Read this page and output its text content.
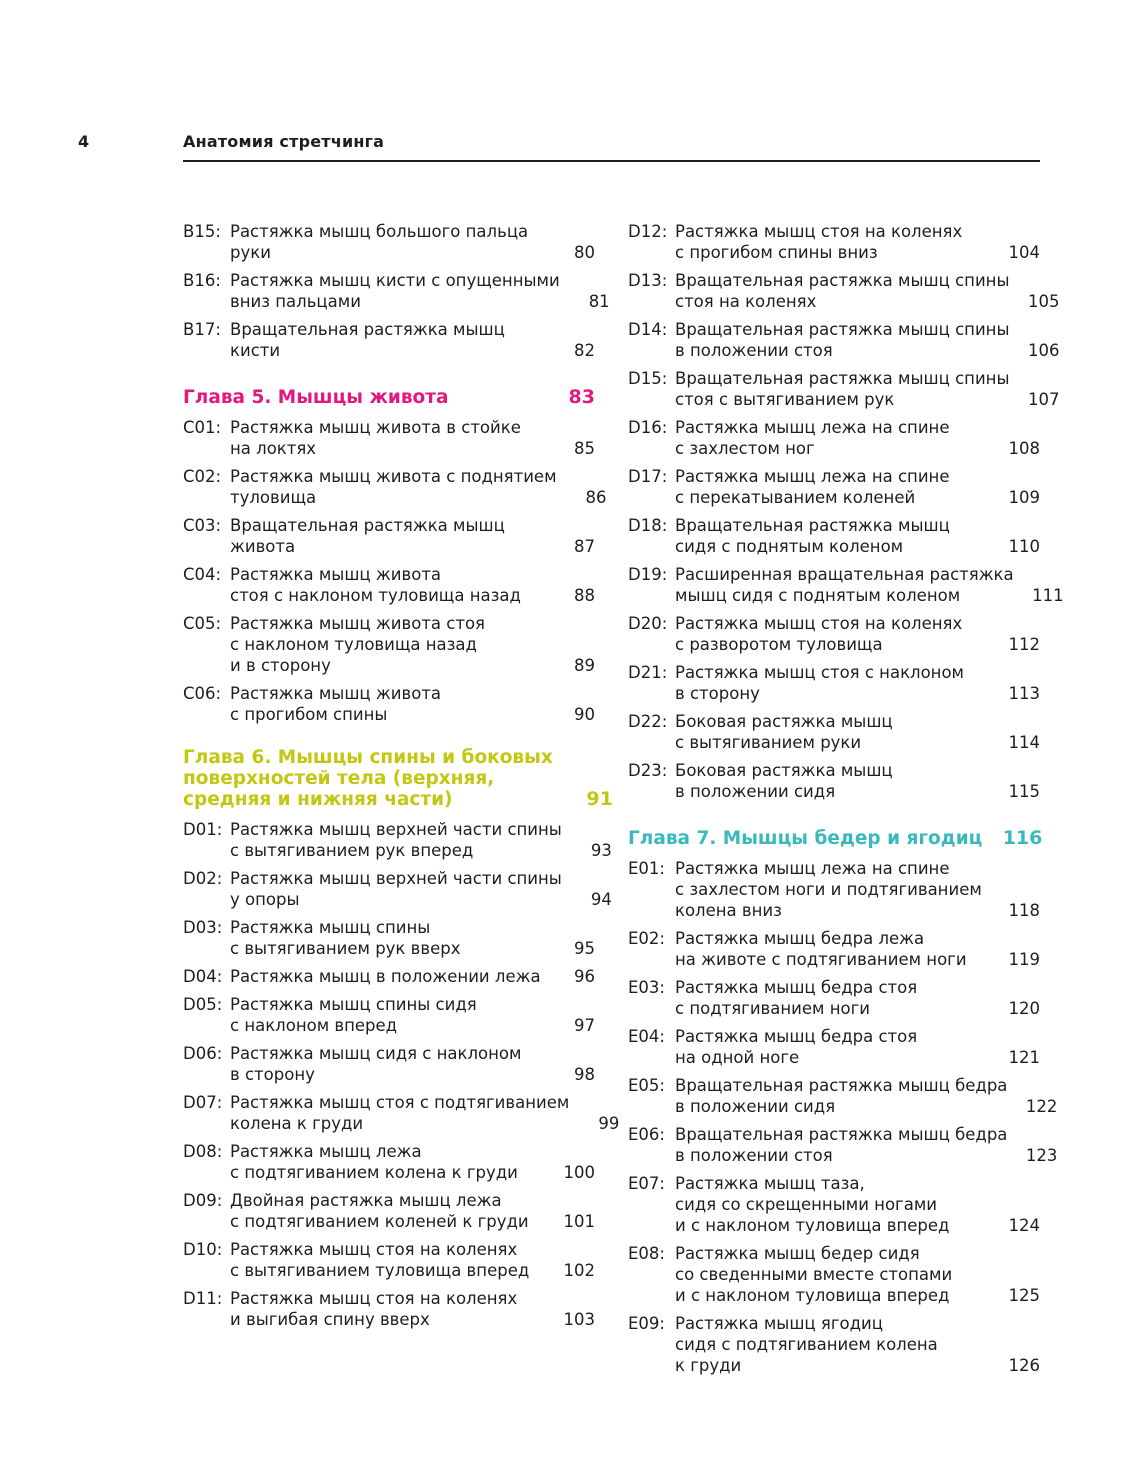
4	Анатомия стретчинга
B15: Растяжка мышц большого пальца
руки	80
B16: Растяжка мышц кисти с опущенными
вниз пальцами	81
B17: Вращательная растяжка мышц
кисти	82
Глава 5. Мышцы живота	83
C01: Растяжка мышц живота в стойке
на локтях	85
C02: Растяжка мышц живота с поднятием
туловища	86
C03: Вращательная растяжка мышц
живота	87
C04: Растяжка мышц живота
стоя с наклоном туловища назад	88
C05: Растяжка мышц живота стоя
с наклоном туловища назад
и в сторону	89
C06: Растяжка мышц живота
с прогибом спины	90
Глава 6. Мышцы спины и боковых
поверхностей тела (верхняя,
средняя и нижняя части)	91
D01: Растяжка мышц верхней части спины
с вытягиванием рук вперед	93
D02: Растяжка мышц верхней части спины
у опоры	94
D03: Растяжка мышц спины
с вытягиванием рук вверх	95
D04: Растяжка мышц в положении лежа	96
D05: Растяжка мышц спины сидя
с наклоном вперед	97
D06: Растяжка мышц сидя с наклоном
в сторону	98
D07: Растяжка мышц стоя с подтягиванием
колена к груди	99
D08: Растяжка мышц лежа
с подтягиванием колена к груди	100
D09: Двойная растяжка мышц лежа
с подтягиванием коленей к груди	101
D10: Растяжка мышц стоя на коленях
с вытягиванием туловища вперед	102
D11: Растяжка мышц стоя на коленях
и выгибая спину вверх	103
D12: Растяжка мышц стоя на коленях
с прогибом спины вниз	104
D13: Вращательная растяжка мышц спины
стоя на коленях	105
D14: Вращательная растяжка мышц спины
в положении стоя	106
D15: Вращательная растяжка мышц спины
стоя с вытягиванием рук	107
D16: Растяжка мышц лежа на спине
с захлестом ног	108
D17: Растяжка мышц лежа на спине
с перекатыванием коленей	109
D18: Вращательная растяжка мышц
сидя с поднятым коленом	110
D19: Расширенная вращательная растяжка
мышц сидя с поднятым коленом	111
D20: Растяжка мышц стоя на коленях
с разворотом туловища	112
D21: Растяжка мышц стоя с наклоном
в сторону	113
D22: Боковая растяжка мышц
с вытягиванием руки	114
D23: Боковая растяжка мышц
в положении сидя	115
Глава 7. Мышцы бедер и ягодиц	116
E01: Растяжка мышц лежа на спине
с захлестом ноги и подтягиванием
колена вниз	118
E02: Растяжка мышц бедра лежа
на животе с подтягиванием ноги	119
E03: Растяжка мышц бедра стоя
с подтягиванием ноги	120
E04: Растяжка мышц бедра стоя
на одной ноге	121
E05: Вращательная растяжка мышц бедра
в положении сидя	122
E06: Вращательная растяжка мышц бедра
в положении стоя	123
E07: Растяжка мышц таза,
сидя со скрещенными ногами
и с наклоном туловища вперед	124
E08: Растяжка мышц бедер сидя
со сведенными вместе стопами
и с наклоном туловища вперед	125
E09: Растяжка мышц ягодиц
сидя с подтягиванием колена
к груди	126
